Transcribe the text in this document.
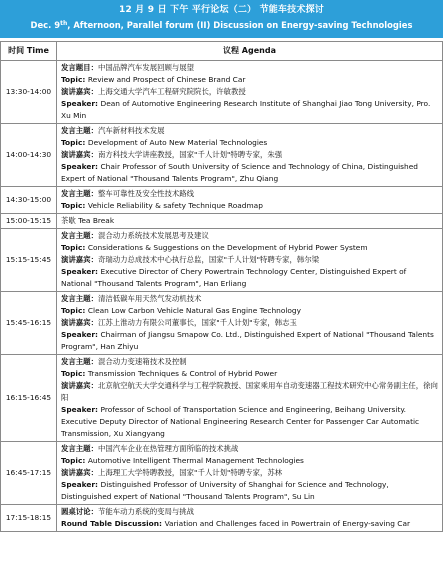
12 月 9 日 下午 平行论坛（二） 节能车技术探讨
Dec. 9th, Afternoon, Parallel forum (II) Discussion on Energy-saving Technologies
时间 Time	议程 Agenda
13:30-14:00	发言题目：中国品牌汽车发展回顾与展望
Topic: Review and Prospect of Chinese Brand Car
演讲嘉宾：上海交通大学汽车工程研究院院长，许敏教授
Speaker: Dean of Automotive Engineering Research Institute of Shanghai Jiao Tong University, Pro. Xu Min

14:00-14:30	发言主题：汽车新材料技术发展
Topic: Development of Auto New Material Technologies
演讲嘉宾：南方科技大学讲座教授，国家"千人计划"特聘专家，朱强
Speaker: Chair Professor of South University of Science and Technology of China, Distinguished Expert of National "Thousand Talents Program", Zhu Qiang

14:30-15:00	发言主题：整车可靠性及安全性技术路线
Topic: Vehicle Reliability & safety Technique Roadmap

15:00-15:15	茶歇 Tea Break

15:15-15:45	发言主题：混合动力系统技术发展思考及建议
Topic: Considerations & Suggestions on the Development of Hybrid Power System
演讲嘉宾：奇瑞动力总成技术中心执行总监，国家"千人计划"特聘专家，韩尔梁
Speaker: Executive Director of Chery Powertrain Technology Center, Distinguished Expert of National "Thousand Talents Program", Han Erliang

15:45-16:15	发言主题：清洁低碳车用天然气发动机技术
Topic: Clean Low Carbon Vehicle Natural Gas Engine Technology
演讲嘉宾：江苏上淮动力有限公司董事长，国家"千人计划"专家，韩志玉
Speaker: Chairman of Jiangsu Smapow Co. Ltd., Distinguished Expert of National "Thousand Talents Program", Han Zhiyu

16:15-16:45	发言主题：混合动力变速箱技术及控制
Topic: Transmission Techniques & Control of Hybrid Power
演讲嘉宾：北京航空航天大学交通科学与工程学院教授、国家乘用车自动变速器工程技术研究中心常务副主任，徐向阳
Speaker: Professor of School of Transportation Science and Engineering, Beihang University. Executive Deputy Director of National Engineering Research Center for Passenger Car Automatic Transmission, Xu Xiangyang

16:45-17:15	发言主题：中国汽车企业在热管理方面所临的技术挑战
Topic: Automotive Intelligent Thermal Management Technologies
演讲嘉宾：上海理工大学特聘教授，国家"千人计划"特聘专家，苏林
Speaker: Distinguished Professor of University of Shanghai for Science and Technology, Distinguished expert of National "Thousand Talents Program", Su Lin

17:15-18:15	圆桌讨论：节能车动力系统的变局与挑战
Round Table Discussion: Variation and Challenges faced in Powertrain of Energy-saving Car
